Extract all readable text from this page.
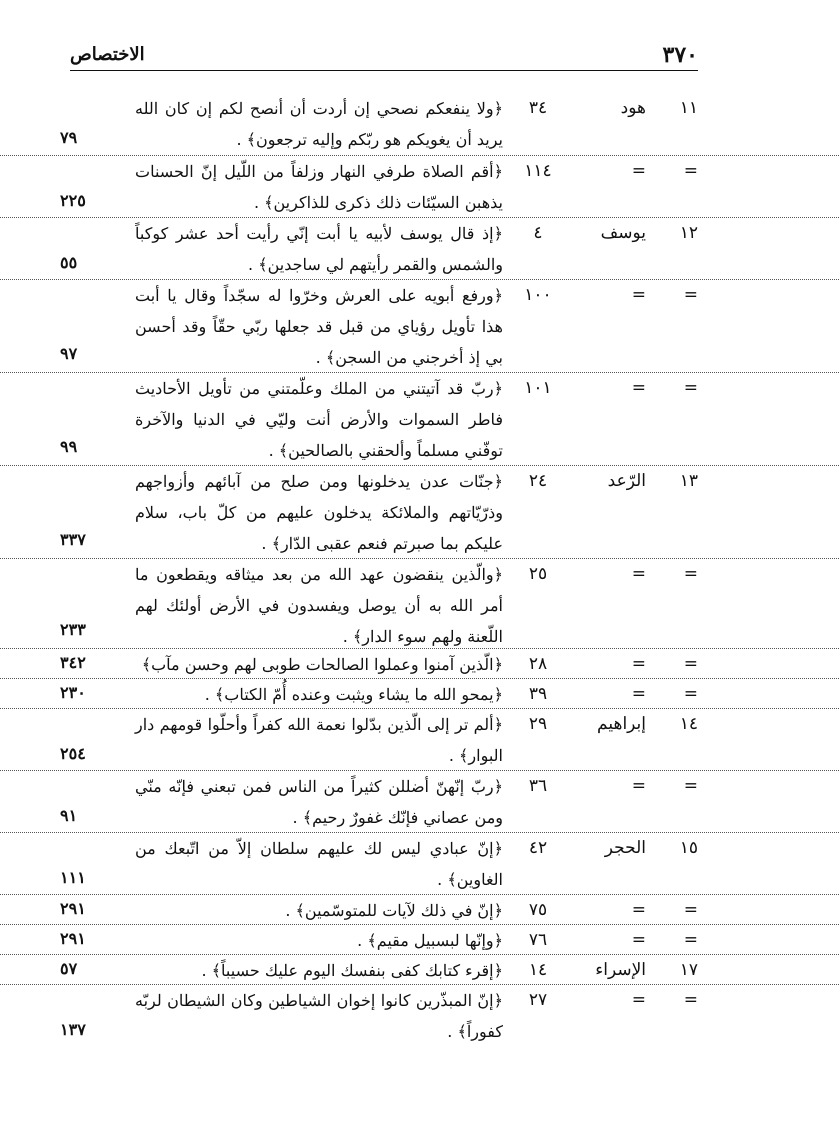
٣٧٠
الاختصاص
١١
هود
٣٤
﴿ولا ينفعكم نصحي إن أردت أن أنصح لكم إن كان الله يريد أن يغويكم هو ربّكم وإليه ترجعون﴾ .
٧٩
=
=
١١٤
﴿أقم الصلاة طرفي النهار وزلفاً من اللّيل إنّ الحسنات يذهبن السيّئات ذلك ذكرى للذاكرين﴾ .
٢٢٥
١٢
يوسف
٤
﴿إذ قال يوسف لأبيه يا أبت إنّي رأيت أحد عشر كوكباً والشمس والقمر رأيتهم لي ساجدين﴾ .
٥٥
=
=
١٠٠
﴿ورفع أبويه على العرش وخرّوا له سجّداً وقال يا أبت هذا تأويل رؤياي من قبل قد جعلها ربّي حقّاً وقد أحسن بي إذ أخرجني من السجن﴾ .
٩٧
=
=
١٠١
﴿ربّ قد آتيتني من الملك وعلّمتني من تأويل الأحاديث فاطر السموات والأرض أنت وليّي في الدنيا والآخرة توفّني مسلماً وألحقني بالصالحين﴾ .
٩٩
١٣
الرّعد
٢٤
﴿جنّات عدن يدخلونها ومن صلح من آبائهم وأزواجهم وذرّيّاتهم والملائكة يدخلون عليهم من كلّ باب، سلام عليكم بما صبرتم فنعم عقبى الدّار﴾ .
٣٣٧
=
=
٢٥
﴿والّذين ينقضون عهد الله من بعد ميثاقه ويقطعون ما أمر الله به أن يوصل ويفسدون في الأرض أولئك لهم اللّعنة ولهم سوء الدار﴾ .
٢٣٣
=
=
٢٨
﴿الّذين آمنوا وعملوا الصالحات طوبى لهم وحسن مآب﴾
٣٤٢
=
=
٣٩
﴿يمحو الله ما يشاء ويثبت وعنده أُمّ الكتاب﴾ .
٢٣٠
١٤
إبراهيم
٢٩
﴿ألم تر إلى الّذين بدّلوا نعمة الله كفراً وأحلّوا قومهم دار البوار﴾ .
٢٥٤
=
=
٣٦
﴿ربّ إنّهنّ أضللن كثيراً من الناس فمن تبعني فإنّه منّي ومن عصاني فإنّك غفورٌ رحيم﴾ .
٩١
١٥
الحجر
٤٢
﴿إنّ عبادي ليس لك عليهم سلطان إلاّ من اتّبعك من الغاوين﴾ .
١١١
=
=
٧٥
﴿إنّ في ذلك لآيات للمتوسّمين﴾ .
٢٩١
=
=
٧٦
﴿وإنّها لبسبيل مقيم﴾ .
٢٩١
١٧
الإسراء
١٤
﴿إقرء كتابك كفى بنفسك اليوم عليك حسيباً﴾ .
٥٧
=
=
٢٧
﴿إنّ المبذّرين كانوا إخوان الشياطين وكان الشيطان لربّه كفوراً﴾ .
١٣٧
